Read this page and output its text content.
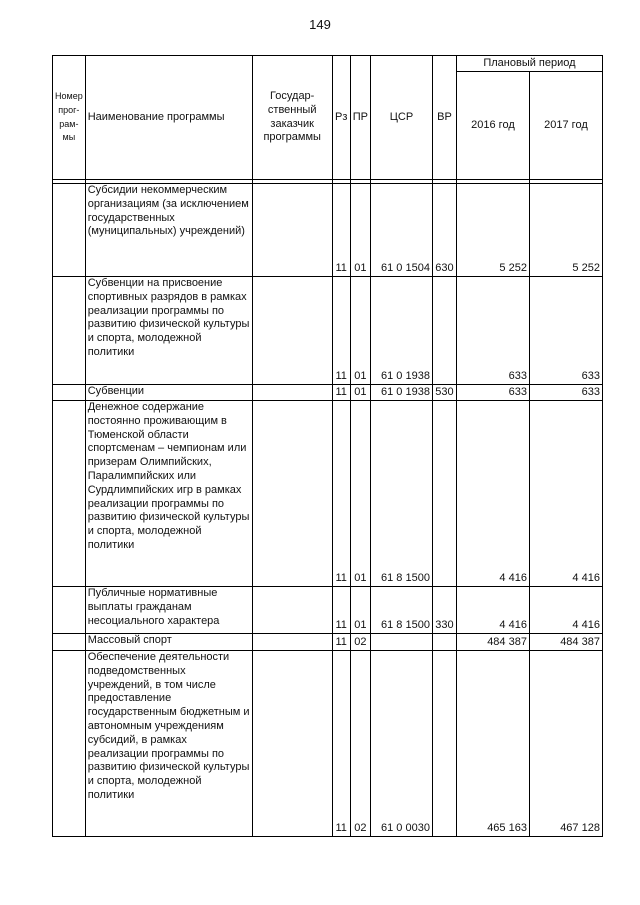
149
Номер прог-рам-мы	Наименование программы	Государ-ственный заказчик программы	Рз	ПР	ЦСР	ВР	Плановый период	
							2016 год	2017 год

	Субсидии некоммерческим организациям (за исключением государственных (муниципальных) учреждений)		11	01	61 0 1504	630	5 252	5 252
	Субвенции на присвоение спортивных разрядов в рамках реализации программы по развитию физической культуры и спорта, молодежной политики		11	01	61 0 1938		633	633
	Субвенции		11	01	61 0 1938	530	633	633
	Денежное содержание постоянно проживающим в Тюменской области спортсменам – чемпионам или призерам Олимпийских, Паралимпийских или Сурдлимпийских игр в рамках реализации программы по развитию физической культуры и спорта, молодежной политики		11	01	61 8 1500		4 416	4 416
	Публичные нормативные выплаты гражданам несоциального характера		11	01	61 8 1500	330	4 416	4 416
	Массовый спорт		11	02			484 387	484 387
	Обеспечение деятельности подведомственных учреждений, в том числе предоставление государственным бюджетным и автономным учреждениям субсидий, в рамках реализации программы по развитию физической культуры и спорта, молодежной политики		11	02	61 0 0030		465 163	467 128
